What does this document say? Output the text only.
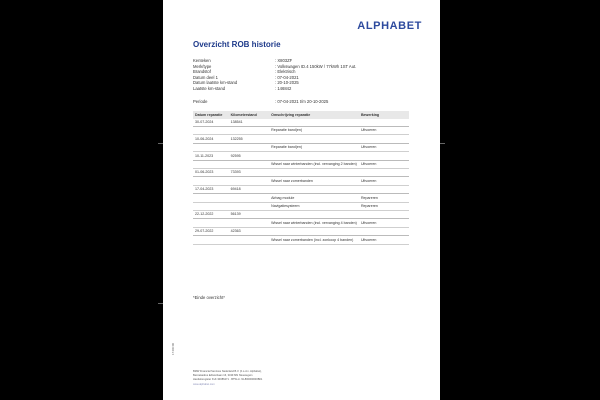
ALPHABET
Overzicht ROB historie
Kenteken	: X803ZF
Merk/type	: Volkswagen ID.4 150kW / 77kWh 1ST Aut.
Brandstof	: Elektrisch
Datum deel 1	: 07-04-2021
Datum laatste km-stand	: 20-10-2025
Laatste km-stand	: 146842
Periode	: 07-04-2021 t/m 20-10-2025
Datum reparatie	Kilometerstand	Omschrijving reparatie	Bewerking
30-07-2024	138541		
		Reparatie band(en)	Uitvoeren
10-06-2024	132255		
		Reparatie band(en)	Uitvoeren
10-11-2023	92595		
		Wissel naar winterbanden (incl. vervanging 2 banden)	Uitvoeren
01-06-2023	73393		
		Wissel naar zomerbanden	Uitvoeren
17-04-2023	69418		
		Airbag module	Repareren
		Navigatiesysteem	Repareren
22-12-2022	56139		
		Wissel naar winterbanden (incl. vervanging 4 banden)	Uitvoeren
29-07-2022	42363		
		Wissel naar zomerbanden (incl. zonkoop 4 banden)	Uitvoeren
*Einde overzicht*
BMW Financial Services Nederland B.V. (h.o.d.n. Alphabet),
Bezoekadres Edisonbaan 16, 3439 MN Nieuwegein
Handelsregister KvK 30086271 · BTW-nr. NL800000000B01
www.alphabet.com
1740C00
